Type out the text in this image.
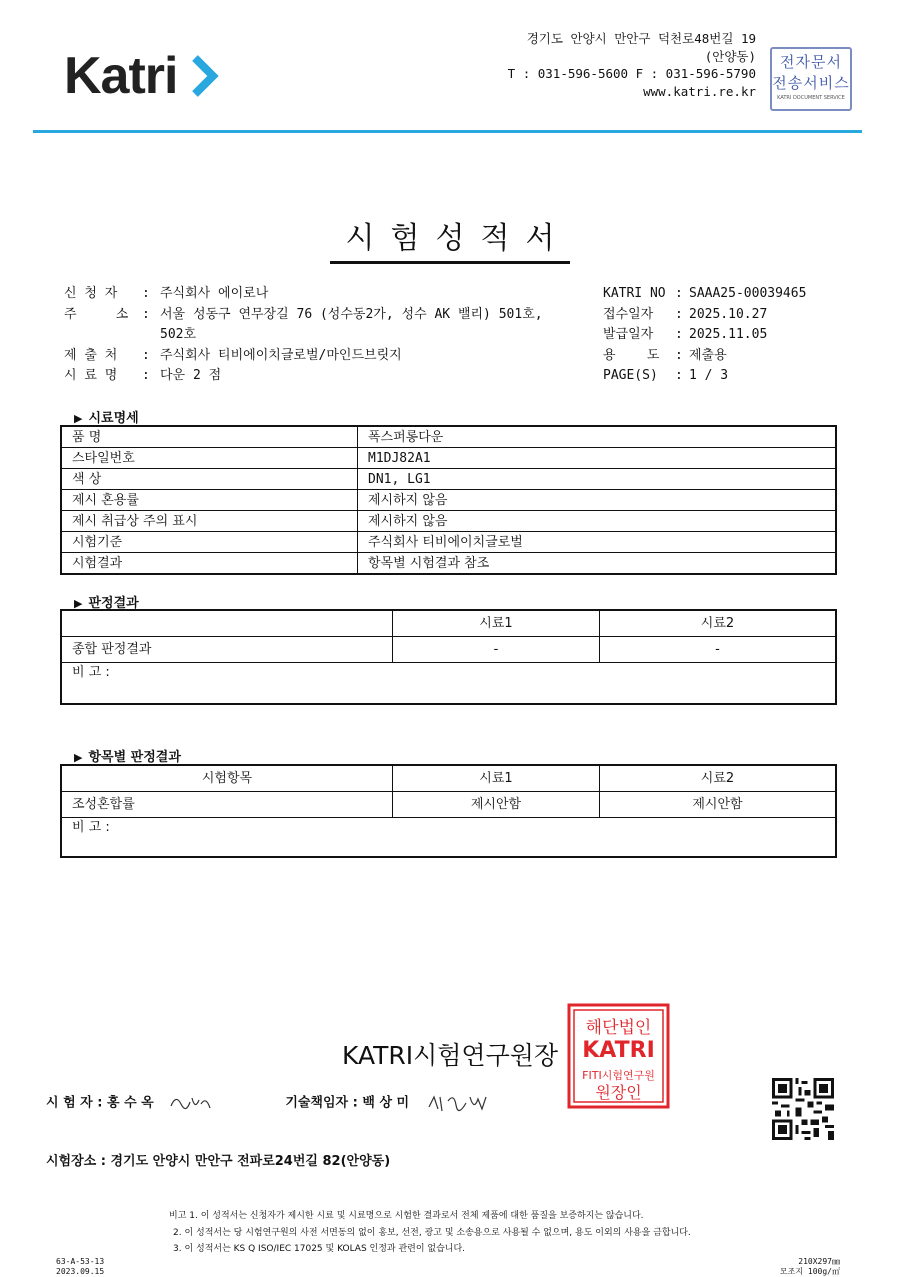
Katri
경기도 안양시 만안구 덕천로48번길 19
(안양동)
T : 031-596-5600 F : 031-596-5790
www.katri.re.kr
전자문서
전송서비스
KATRI DOCUMENT SERVICE
시험성적서
신 청 자	:	주식회사 에이로나
주     소	:	서울 성동구 연무장길 76 (성수동2가, 성수 AK 밸리) 501호,
502호

제 출 처	:	주식회사 티비에이치글로벌/마인드브릿지
시 료 명	:	다운 2 점
KATRI NO	:	SAAA25-00039465
접수일자	:	2025.10.27
발급일자	:	2025.11.05
용    도	:	제출용
PAGE(S)	:	1 / 3
▶ 시료명세
품 명	폭스퍼롱다운
스타일번호	M1DJ82A1
색 상	DN1, LG1
제시 혼용률	제시하지 않음
제시 취급상 주의 표시	제시하지 않음
시험기준	주식회사 티비에이치글로벌
시험결과	항목별 시험결과 참조
▶ 판정결과
	시료1	시료2
종합 판정결과	-	-
비 고 :		
▶ 항목별 판정결과
시험항목	시료1	시료2
조성혼합률	제시안함	제시안함
비 고 :		
KATRI시험연구원장
해단법인
KATRI
FITI시험연구원
원장인
시 험 자 : 홍 수 옥	기술책임자 : 백 상 미
시험장소 : 경기도 안양시 만안구 전파로24번길 82(안양동)
비고 1. 이 성적서는 신청자가 제시한 시료 및 시료명으로 시험한 결과로서 전체 제품에 대한 품질을 보증하지는 않습니다.
2. 이 성적서는 당 시험연구원의 사전 서면동의 없이 홍보, 선전, 광고 및 소송용으로 사용될 수 없으며, 용도 이외의 사용을 금합니다.
3. 이 성적서는 KS Q ISO/IEC 17025 및 KOLAS 인정과 관련이 없습니다.
63-A-53-13
2023.09.15
210X297㎜
모조지 100g/㎡
